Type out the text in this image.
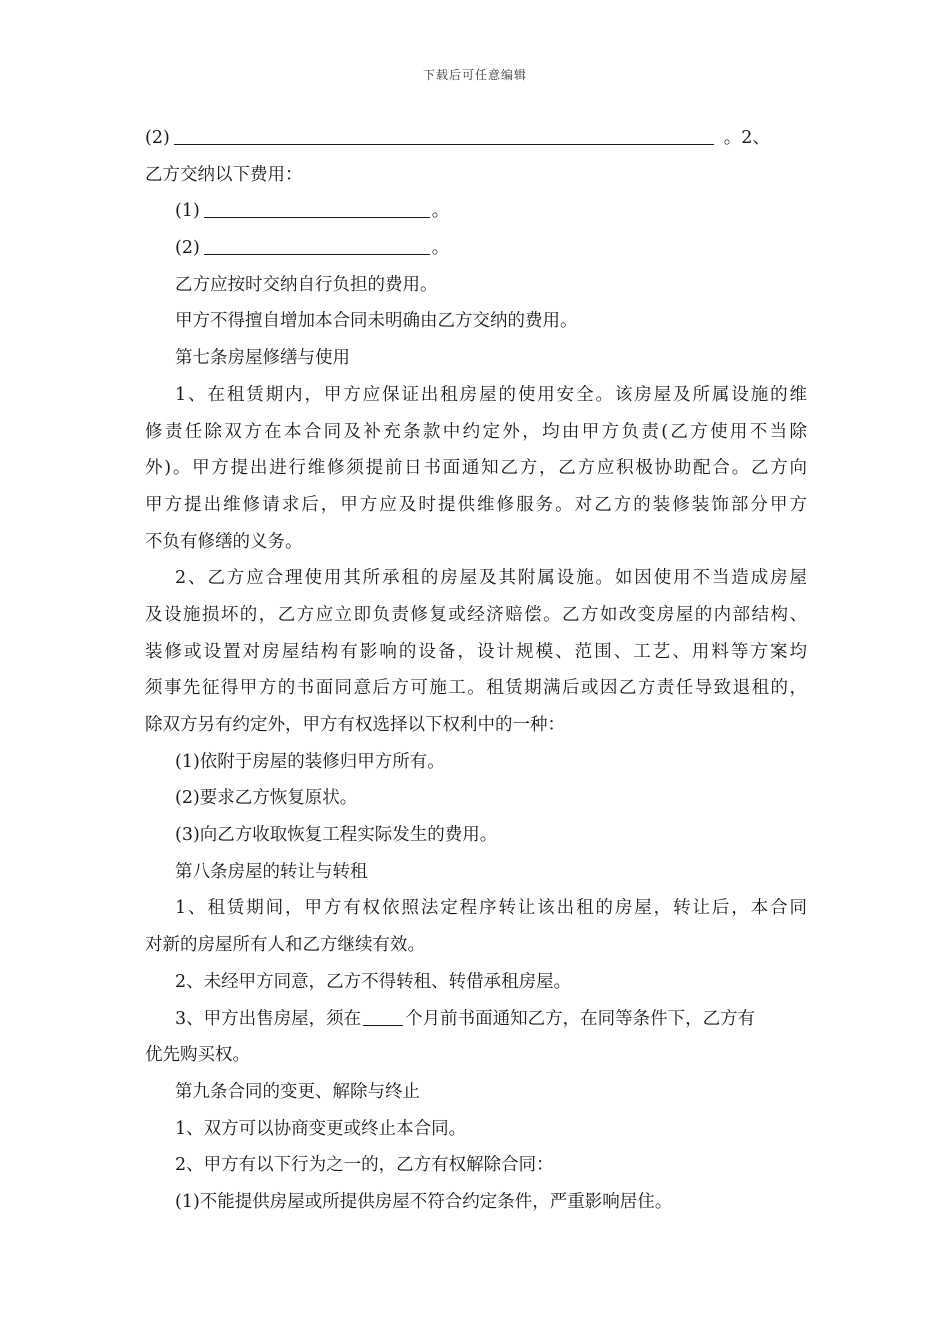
下载后可任意编辑
(2)	。2、
乙方交纳以下费用：
(1)	。
(2)	。
乙方应按时交纳自行负担的费用。
甲方不得擅自增加本合同未明确由乙方交纳的费用。
第七条房屋修缮与使用
1、在租赁期内，甲方应保证出租房屋的使用安全。该房屋及所属设施的维
修责任除双方在本合同及补充条款中约定外，均由甲方负责(乙方使用不当除
外)。甲方提出进行维修须提前日书面通知乙方，乙方应积极协助配合。乙方向
甲方提出维修请求后，甲方应及时提供维修服务。对乙方的装修装饰部分甲方
不负有修缮的义务。
2、乙方应合理使用其所承租的房屋及其附属设施。如因使用不当造成房屋
及设施损坏的，乙方应立即负责修复或经济赔偿。乙方如改变房屋的内部结构、
装修或设置对房屋结构有影响的设备，设计规模、范围、工艺、用料等方案均
须事先征得甲方的书面同意后方可施工。租赁期满后或因乙方责任导致退租的，
除双方另有约定外，甲方有权选择以下权利中的一种：
(1)依附于房屋的装修归甲方所有。
(2)要求乙方恢复原状。
(3)向乙方收取恢复工程实际发生的费用。
第八条房屋的转让与转租
1、租赁期间，甲方有权依照法定程序转让该出租的房屋，转让后，本合同
对新的房屋所有人和乙方继续有效。
2、未经甲方同意，乙方不得转租、转借承租房屋。
3、甲方出售房屋，须在	个月前书面通知乙方，在同等条件下，乙方有
优先购买权。
第九条合同的变更、解除与终止
1、双方可以协商变更或终止本合同。
2、甲方有以下行为之一的，乙方有权解除合同：
(1)不能提供房屋或所提供房屋不符合约定条件，严重影响居住。
